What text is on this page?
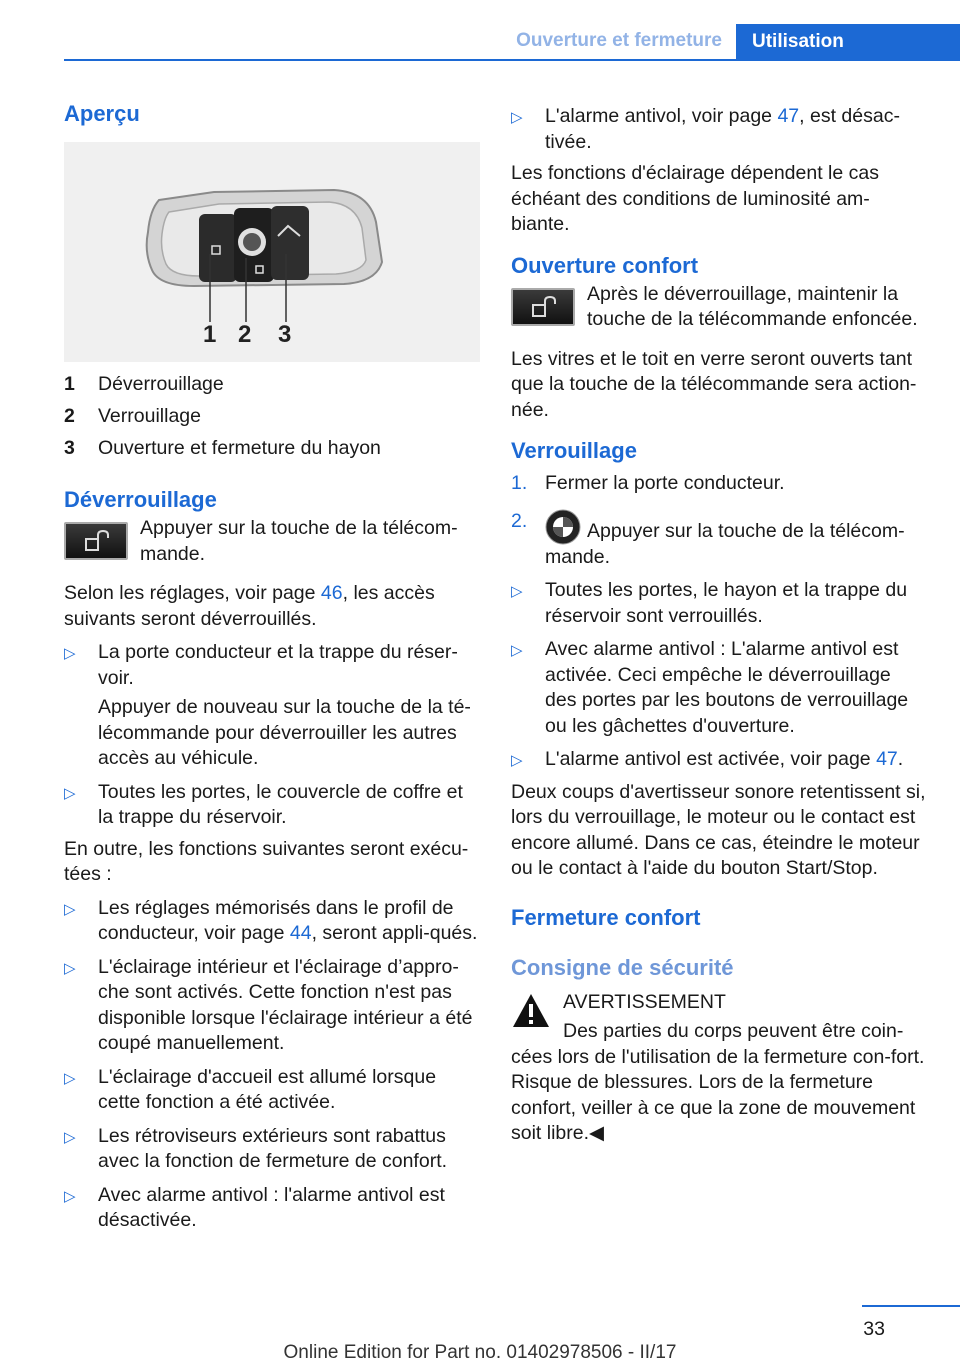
Ouverture et fermeture	Utilisation
Aperçu
1 2 3
1	Déverrouillage
2	Verrouillage
3	Ouverture et fermeture du hayon
Déverrouillage

Appuyer sur la touche de la télécom‐mande.

Selon les réglages, voir page 46, les accès suivants seront déverrouillés.

▷	La porte conducteur et la trappe du réser‐voir.

Appuyer de nouveau sur la touche de la té‐lécommande pour déverrouiller les autres accès au véhicule.

▷	Toutes les portes, le couvercle de coffre et la trappe du réservoir.

En outre, les fonctions suivantes seront exécu‐tées :

▷	Les réglages mémorisés dans le profil de conducteur, voir page 44, seront appli‐qués.

▷	L'éclairage intérieur et l'éclairage d’appro‐che sont activés. Cette fonction n'est pas disponible lorsque l'éclairage intérieur a été coupé manuellement.

▷	L'éclairage d'accueil est allumé lorsque cette fonction a été activée.

▷	Les rétroviseurs extérieurs sont rabattus avec la fonction de fermeture de confort.

▷	Avec alarme antivol : l'alarme antivol est désactivée.

▷	L'alarme antivol, voir page 47, est désac‐tivée.

Les fonctions d'éclairage dépendent le cas échéant des conditions de luminosité am‐biante.

Ouverture confort

Après le déverrouillage, maintenir la touche de la télécommande enfoncée.

Les vitres et le toit en verre seront ouverts tant que la touche de la télécommande sera action‐née.

Verrouillage
1. Fermer la porte conducteur.

2.	Appuyer sur la touche de la télécom‐mande.

▷	Toutes les portes, le hayon et la trappe du réservoir sont verrouillés.

▷	Avec alarme antivol : L'alarme antivol est activée. Ceci empêche le déverrouillage des portes par les boutons de verrouillage ou les gâchettes d'ouverture.

▷	L'alarme antivol est activée, voir page 47.

Deux coups d'avertisseur sonore retentissent si, lors du verrouillage, le moteur ou le contact est encore allumé. Dans ce cas, éteindre le moteur ou le contact à l'aide du bouton Start/Stop.

Fermeture confort
Consigne de sécurité

AVERTISSEMENT

Des parties du corps peuvent être coin‐

cées lors de l'utilisation de la fermeture con‐fort. Risque de blessures. Lors de la fermeture confort, veiller à ce que la zone de mouvement soit libre.◀

33
Online Edition for Part no. 01402978506 - II/17
